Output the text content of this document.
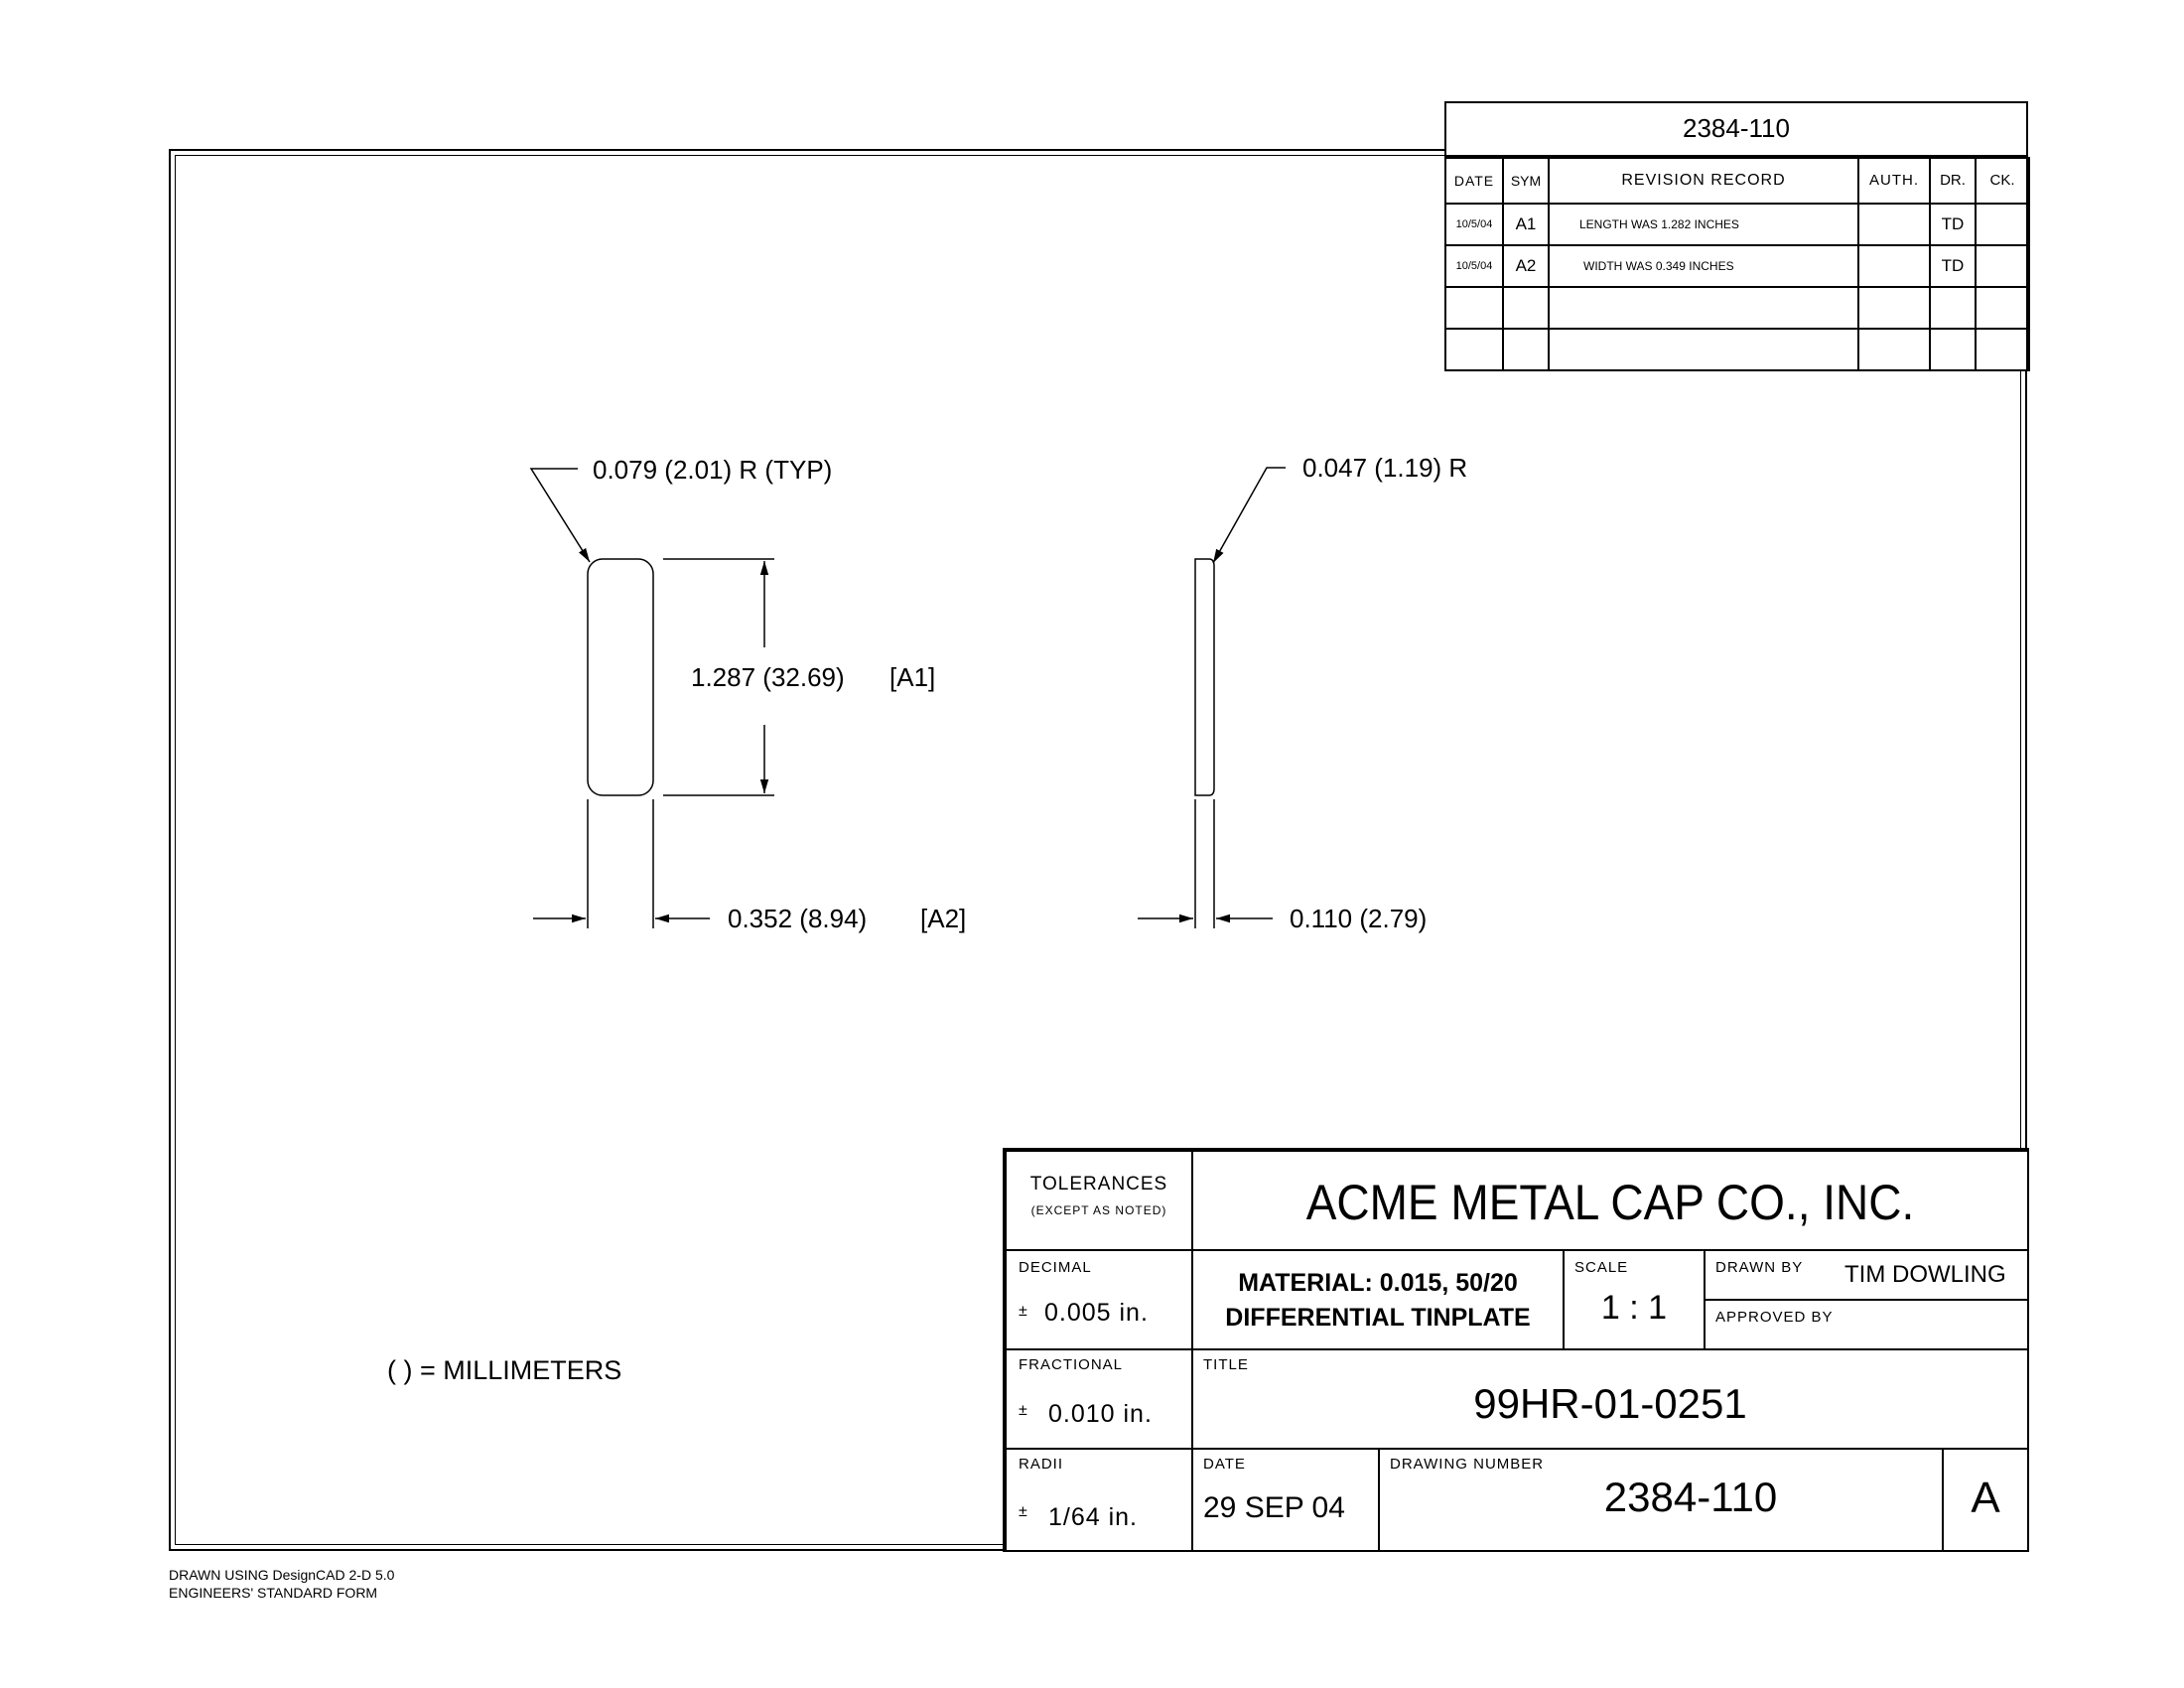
2384-110
DATE	SYM	REVISION RECORD	AUTH.	DR.	CK.
10/5/04	A1	LENGTH WAS 1.282 INCHES		TD	
10/5/04	A2	WIDTH WAS 0.349 INCHES		TD	

0.079 (2.01) R (TYP)
1.287 (32.69) [A1]
0.352 (8.94) [A2]
0.047 (1.19) R
0.110 (2.79)
( ) = MILLIMETERS
TOLERANCES
(EXCEPT AS NOTED)	ACME METAL CAP CO., INC.
DECIMAL
± 0.005 in.
MATERIAL: 0.015, 50/20
DIFFERENTIAL TINPLATE
SCALE
1 : 1
DRAWN BY TIM DOWLING
APPROVED BY
FRACTIONAL
± 0.010 in.
TITLE
99HR-01-0251
RADII
± 1/64 in.
DATE
29 SEP 04
DRAWING NUMBER
2384-110	A
DRAWN USING DesignCAD 2-D 5.0
ENGINEERS' STANDARD FORM
